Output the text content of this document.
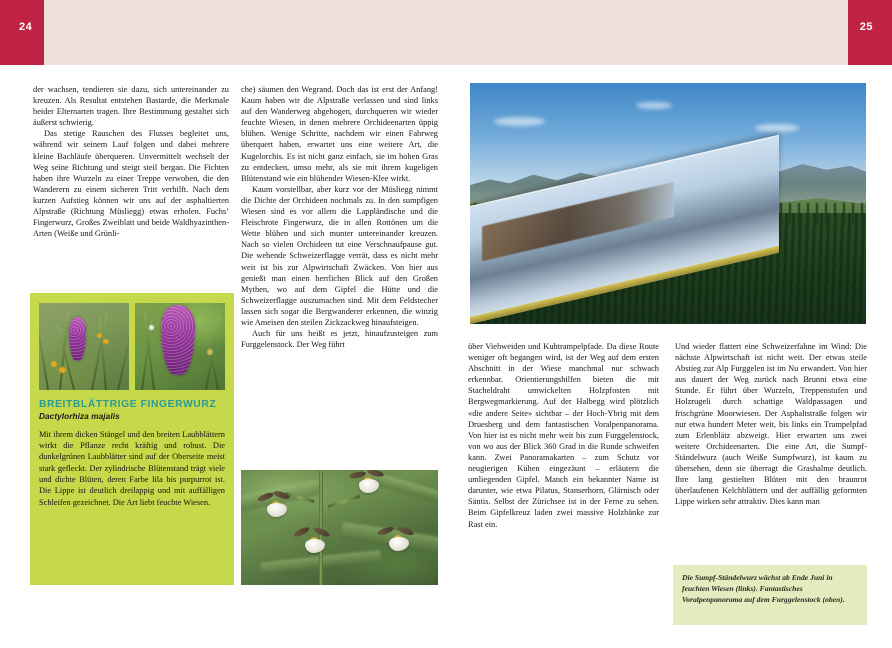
24	25

der wachsen, tendieren sie dazu, sich untereinander zu kreuzen. Als Resultat entstehen Bastarde, die Merkmale beider Elternarten tragen. Ihre Bestimmung gestaltet sich äußerst schwierig.

Das stetige Rauschen des Flusses begleitet uns, während wir seinem Lauf folgen und dabei mehrere kleine Bachläufe überqueren. Unvermittelt wechselt der Weg seine Richtung und steigt steil bergan. Die Fichten haben ihre Wurzeln zu einer Treppe verwoben, die den Wanderern zu einem sicheren Tritt verhilft. Nach dem kurzen Aufstieg können wir uns auf der asphaltierten Alpstraße (Richtung Müsliegg) etwas erholen. Fuchs’ Fingerwurz, Großes Zweiblatt und beide Waldhyazinthen-Arten (Weiße und Grünli-

che) säumen den Wegrand. Doch das ist erst der Anfang! Kaum haben wir die Alpstraße verlassen und sind links auf den Wanderweg abgebogen, durchqueren wir wieder feuchte Wiesen, in denen mehrere Orchideenarten üppig blühen. Wenige Schritte, nachdem wir einen Fahrweg überquert haben, erwartet uns eine weitere Art, die Kugelorchis. Es ist nicht ganz einfach, sie im hohen Gras zu entdecken, umso mehr, als sie mit ihrem kugeligen Blütenstand wie ein blühender Wiesen-Klee wirkt.

Kaum vorstellbar, aber kurz vor der Müsliegg nimmt die Dichte der Orchideen nochmals zu. In den sumpfigen Wiesen sind es vor allem die Lappländische und die Fleischrote Fingerwurz, die in allen Rottönen um die Wette blühen und sich munter untereinander kreuzen. Nach so vielen Orchideen tut eine Verschnaufpause gut. Die wehende Schweizerflagge verrät, dass es nicht mehr weit ist bis zur Alpwirtschaft Zwäcken. Von hier aus genießt man einen herrlichen Blick auf den Großen Mythen, wo auf dem Gipfel die Hütte und die Schweizerflagge auszumachen sind. Mit dem Feldstecher lassen sich sogar die Bergwanderer erkennen, die winzig wie Ameisen den steilen Zickzackweg hinaufsteigen.

Auch für uns heißt es jetzt, hinaufzusteigen zum Furggelenstock. Der Weg führt

BREITBLÄTTRIGE FINGERWURZ
Dactylorhiza majalis
Mit ihrem dicken Stängel und den breiten Laubblättern wirkt die Pflanze recht kräftig und robust. Die dunkelgrünen Laubblätter sind auf der Oberseite meist stark gefleckt. Der zylindrische Blütenstand trägt viele und dichte Blüten, deren Farbe lila bis purpurrot ist. Die Lippe ist deutlich dreilappig und mit auffälligen Schleifen gezeichnet. Die Art liebt feuchte Wiesen.

über Viehweiden und Kuhtrampelpfade. Da diese Route weniger oft begangen wird, ist der Weg auf dem ersten Abschnitt in der Wiese manchmal nur schwach erkennbar. Orientierungshilfen bieten die mit Stacheldraht umwickelten Holzpfosten mit Bergwegmarkierung. Auf der Halbegg wird plötzlich «die andere Seite» sichtbar – der Hoch-Ybrig mit dem Druesberg und dem fantastischen Voralpenpanorama. Von hier ist es nicht mehr weit bis zum Furggelenstock, von wo aus der Blick 360 Grad in die Runde schweifen kann. Zwei Panoramakarten – zum Schutz vor neugierigen Kühen eingezäunt – erläutern die umliegenden Gipfel. Manch ein bekannter Name ist darunter, wie etwa Pilatus, Stanserhorn, Glärnisch oder Säntis. Selbst der Zürichsee ist in der Ferne zu sehen. Beim Gipfelkreuz laden zwei massive Holzbänke zur Rast ein.

Und wieder flattert eine Schweizerfahne im Wind: Die nächste Alpwirtschaft ist nicht weit. Der etwas steile Abstieg zur Alp Furggelen ist im Nu erwandert. Von hier aus dauert der Weg zurück nach Brunni etwa eine Stunde. Er führt über Wurzeln, Treppenstufen und Holzrugeli durch schattige Waldpassagen und frischgrüne Moorwiesen. Der Asphaltstraße folgen wir nur etwa hundert Meter weit, bis links ein Trampelpfad zum Erlenblätz abzweigt. Hier erwarten uns zwei weitere Orchideenarten. Die eine Art, die Sumpf-Ständelwurz (auch Weiße Sumpfwurz), ist kaum zu übersehen, denn sie überragt die Grashalme deutlich. Ihre lang gestielten Blüten mit den braunrot überlaufenen Kelchblättern und der auffällig geformten Lippe wirken sehr attraktiv. Dies kann man

Die Sumpf-Ständelwurz wächst ab Ende Juni in feuchten Wiesen (links). Fantastisches Voralpenpanorama auf dem Furggelenstock (oben).
